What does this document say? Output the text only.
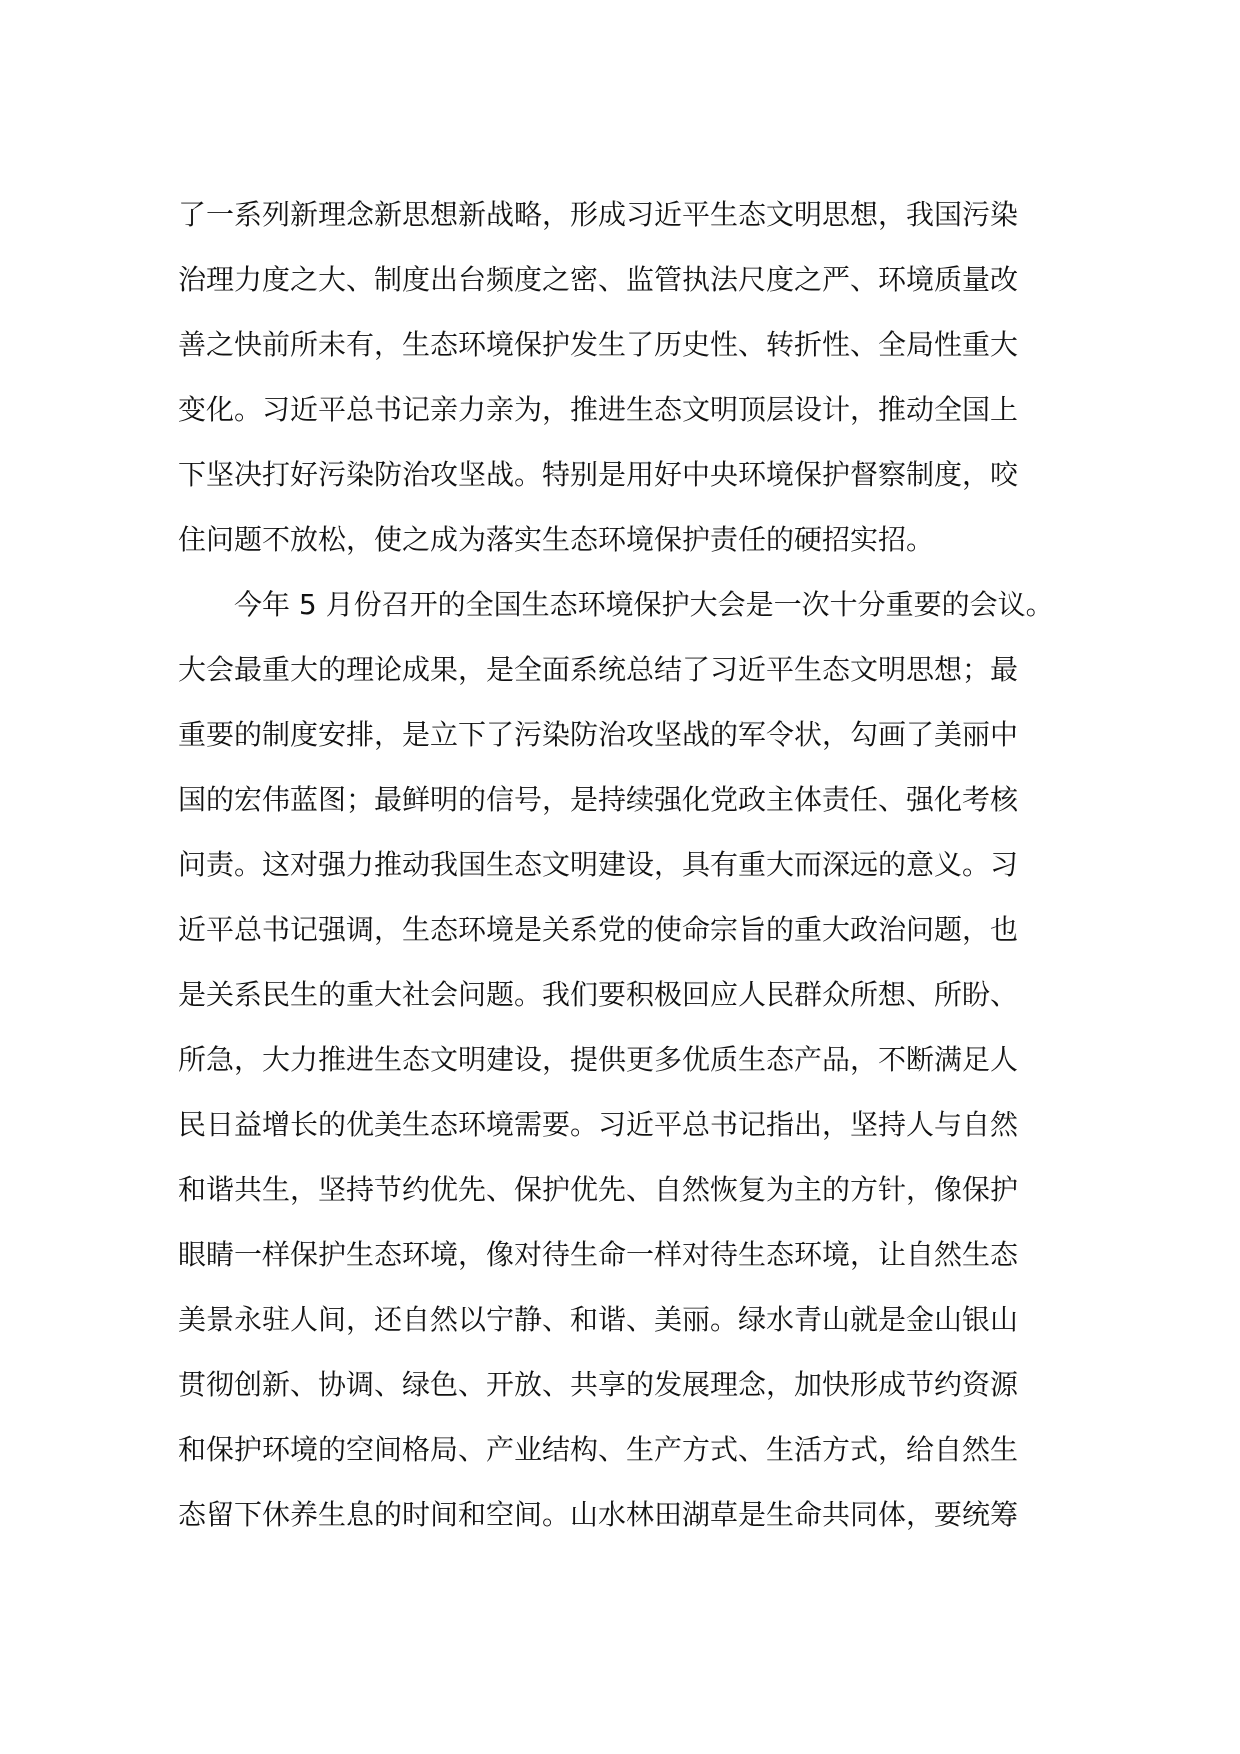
了一系列新理念新思想新战略，形成习近平生态文明思想，我国污染
治理力度之大、制度出台频度之密、监管执法尺度之严、环境质量改
善之快前所未有，生态环境保护发生了历史性、转折性、全局性重大
变化。习近平总书记亲力亲为，推进生态文明顶层设计，推动全国上
下坚决打好污染防治攻坚战。特别是用好中央环境保护督察制度，咬
住问题不放松，使之成为落实生态环境保护责任的硬招实招。
今年 5 月份召开的全国生态环境保护大会是一次十分重要的会议。
大会最重大的理论成果，是全面系统总结了习近平生态文明思想；最
重要的制度安排，是立下了污染防治攻坚战的军令状，勾画了美丽中
国的宏伟蓝图；最鲜明的信号，是持续强化党政主体责任、强化考核
问责。这对强力推动我国生态文明建设，具有重大而深远的意义。习
近平总书记强调，生态环境是关系党的使命宗旨的重大政治问题，也
是关系民生的重大社会问题。我们要积极回应人民群众所想、所盼、
所急，大力推进生态文明建设，提供更多优质生态产品，不断满足人
民日益增长的优美生态环境需要。习近平总书记指出，坚持人与自然
和谐共生，坚持节约优先、保护优先、自然恢复为主的方针，像保护
眼睛一样保护生态环境，像对待生命一样对待生态环境，让自然生态
美景永驻人间，还自然以宁静、和谐、美丽。绿水青山就是金山银山
贯彻创新、协调、绿色、开放、共享的发展理念，加快形成节约资源
和保护环境的空间格局、产业结构、生产方式、生活方式，给自然生
态留下休养生息的时间和空间。山水林田湖草是生命共同体，要统筹
